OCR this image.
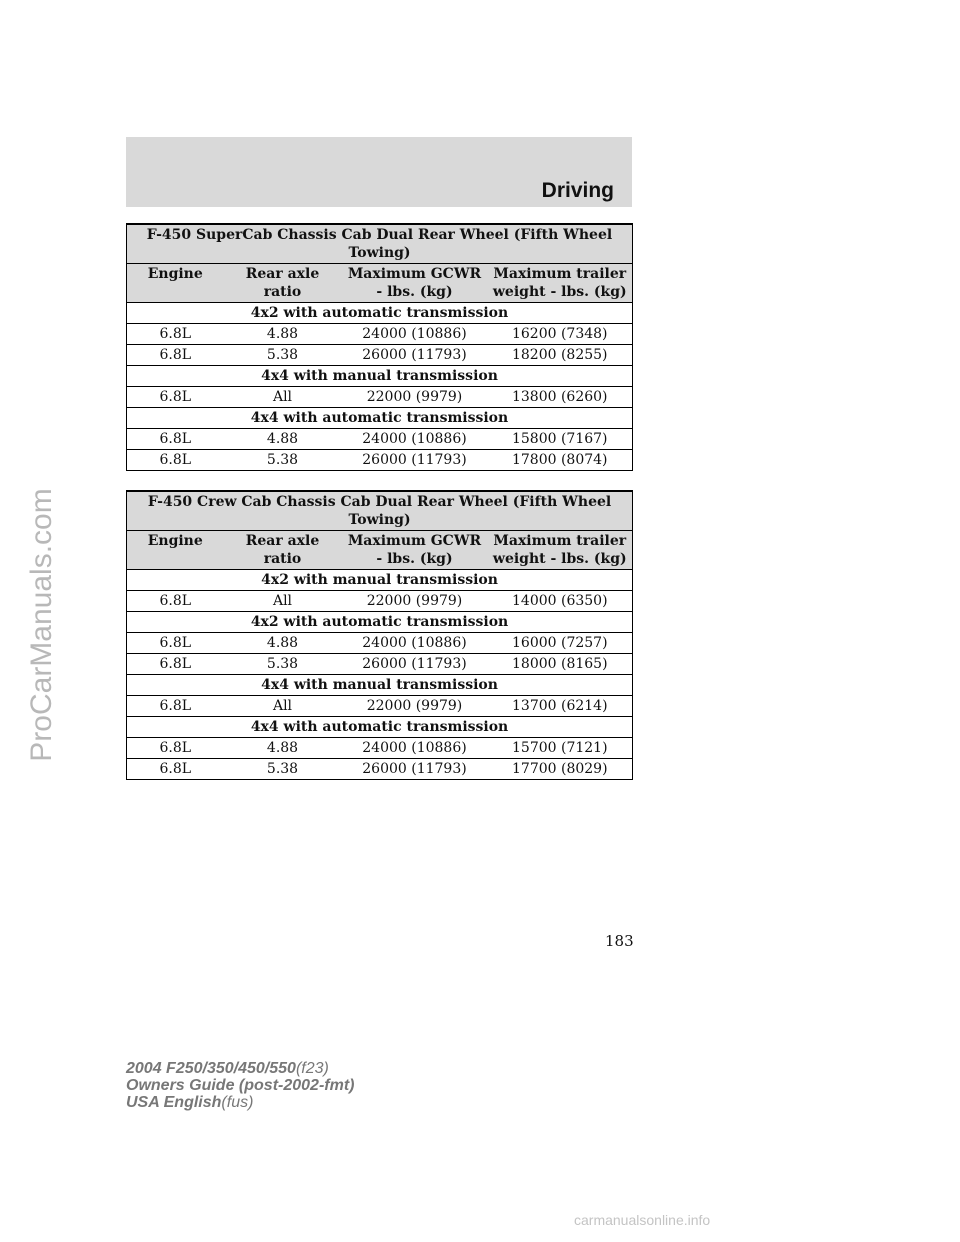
Driving
F-450 SuperCab Chassis Cab Dual Rear Wheel (Fifth Wheel Towing)			
Engine	Rear axle ratio	Maximum GCWR - lbs. (kg)	Maximum trailer weight - lbs. (kg)
4x2 with automatic transmission			
6.8L	4.88	24000 (10886)	16200 (7348)
6.8L	5.38	26000 (11793)	18200 (8255)
4x4 with manual transmission			
6.8L	All	22000 (9979)	13800 (6260)
4x4 with automatic transmission			
6.8L	4.88	24000 (10886)	15800 (7167)
6.8L	5.38	26000 (11793)	17800 (8074)
F-450 Crew Cab Chassis Cab Dual Rear Wheel (Fifth Wheel Towing)			
Engine	Rear axle ratio	Maximum GCWR - lbs. (kg)	Maximum trailer weight - lbs. (kg)
4x2 with manual transmission			
6.8L	All	22000 (9979)	14000 (6350)
4x2 with automatic transmission			
6.8L	4.88	24000 (10886)	16000 (7257)
6.8L	5.38	26000 (11793)	18000 (8165)
4x4 with manual transmission			
6.8L	All	22000 (9979)	13700 (6214)
4x4 with automatic transmission			
6.8L	4.88	24000 (10886)	15700 (7121)
6.8L	5.38	26000 (11793)	17700 (8029)
183
2004 F250/350/450/550(f23)
Owners Guide (post-2002-fmt)
USA English(fus)
ProCarManuals.com
carmanualsonline.info
